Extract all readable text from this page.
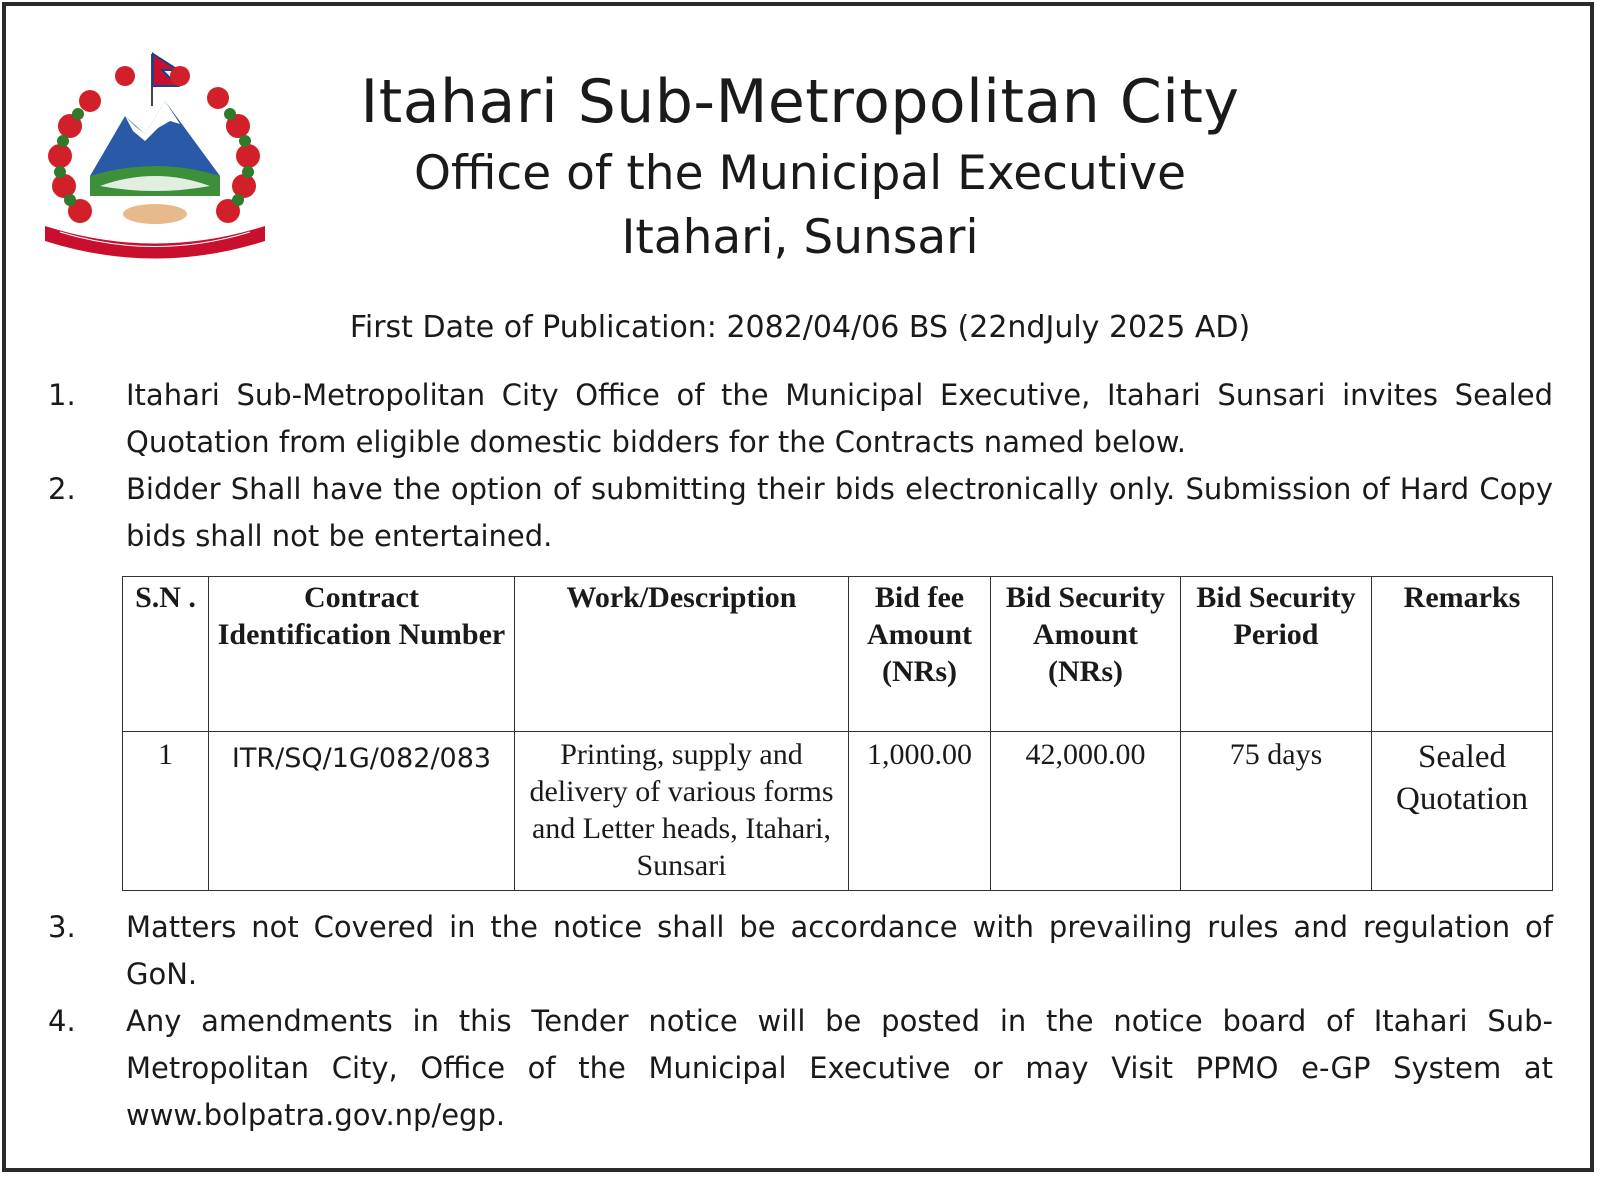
Itahari Sub-Metropolitan City
Office of the Municipal Executive
Itahari, Sunsari
First Date of Publication: 2082/04/06 BS (22ndJuly 2025 AD)
1.	Itahari Sub-Metropolitan City Office of the Municipal Executive, Itahari Sunsari invites Sealed Quotation from eligible domestic bidders for the Contracts named below.
2.	Bidder Shall have the option of submitting their bids electronically only. Submission of Hard Copy bids shall not be entertained.
S.N .	Contract Identification Number	Work/Description	Bid fee Amount (NRs)	Bid Security Amount (NRs)	Bid Security Period	Remarks
1	ITR/SQ/1G/082/083	Printing, supply and delivery of various forms and Letter heads, Itahari, Sunsari	1,000.00	42,000.00	75 days	Sealed Quotation
3.	Matters not Covered in the notice shall be accordance with prevailing rules and regulation of GoN.
4.	Any amendments in this Tender notice will be posted in the notice board of Itahari Sub-Metropolitan City, Office of the Municipal Executive or may Visit PPMO e-GP System at www.bolpatra.gov.np/egp.
